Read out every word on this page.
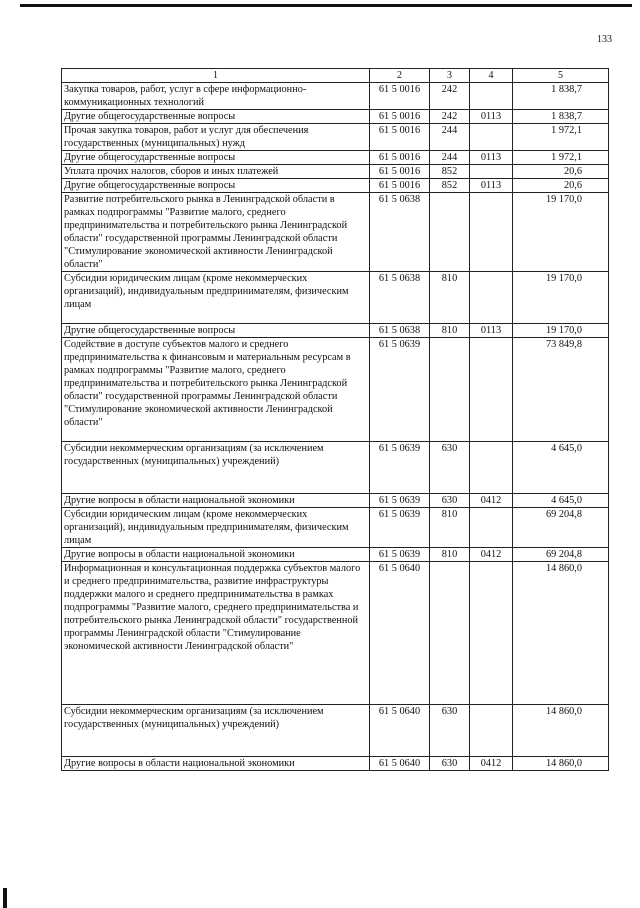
133
1	2	3	4	5
Закупка товаров, работ, услуг в сфере информационно-коммуникационных технологий	61 5 0016	242		1 838,7
Другие общегосударственные вопросы	61 5 0016	242	0113	1 838,7
Прочая закупка товаров, работ и услуг для обеспечения государственных (муниципальных) нужд	61 5 0016	244		1 972,1
Другие общегосударственные вопросы	61 5 0016	244	0113	1 972,1
Уплата прочих налогов, сборов и иных платежей	61 5 0016	852		20,6
Другие общегосударственные вопросы	61 5 0016	852	0113	20,6
Развитие потребительского рынка в Ленинградской области в рамках подпрограммы "Развитие малого, среднего предпринимательства и потребительского рынка Ленинградской области" государственной программы Ленинградской области "Стимулирование экономической активности Ленинградской области"	61 5 0638			19 170,0
Субсидии юридическим лицам (кроме некоммерческих организаций), индивидуальным предпринимателям, физическим лицам	61 5 0638	810		19 170,0
Другие общегосударственные вопросы	61 5 0638	810	0113	19 170,0
Содействие в доступе субъектов малого и среднего предпринимательства к финансовым и материальным ресурсам в рамках подпрограммы "Развитие малого, среднего предпринимательства и потребительского рынка Ленинградской области" государственной программы Ленинградской области "Стимулирование экономической активности Ленинградской области"	61 5 0639			73 849,8
Субсидии некоммерческим организациям (за исключением государственных (муниципальных) учреждений)	61 5 0639	630		4 645,0
Другие вопросы в области национальной экономики	61 5 0639	630	0412	4 645,0
Субсидии юридическим лицам (кроме некоммерческих организаций), индивидуальным предпринимателям, физическим лицам	61 5 0639	810		69 204,8
Другие вопросы в области национальной экономики	61 5 0639	810	0412	69 204,8
Информационная и консультационная поддержка субъектов малого и среднего предпринимательства, развитие инфраструктуры поддержки малого и среднего предпринимательства в рамках подпрограммы "Развитие малого, среднего предпринимательства и потребительского рынка Ленинградской области" государственной программы Ленинградской области "Стимулирование экономической активности Ленинградской области"	61 5 0640			14 860,0
Субсидии некоммерческим организациям (за исключением государственных (муниципальных) учреждений)	61 5 0640	630		14 860,0
Другие вопросы в области национальной экономики	61 5 0640	630	0412	14 860,0
